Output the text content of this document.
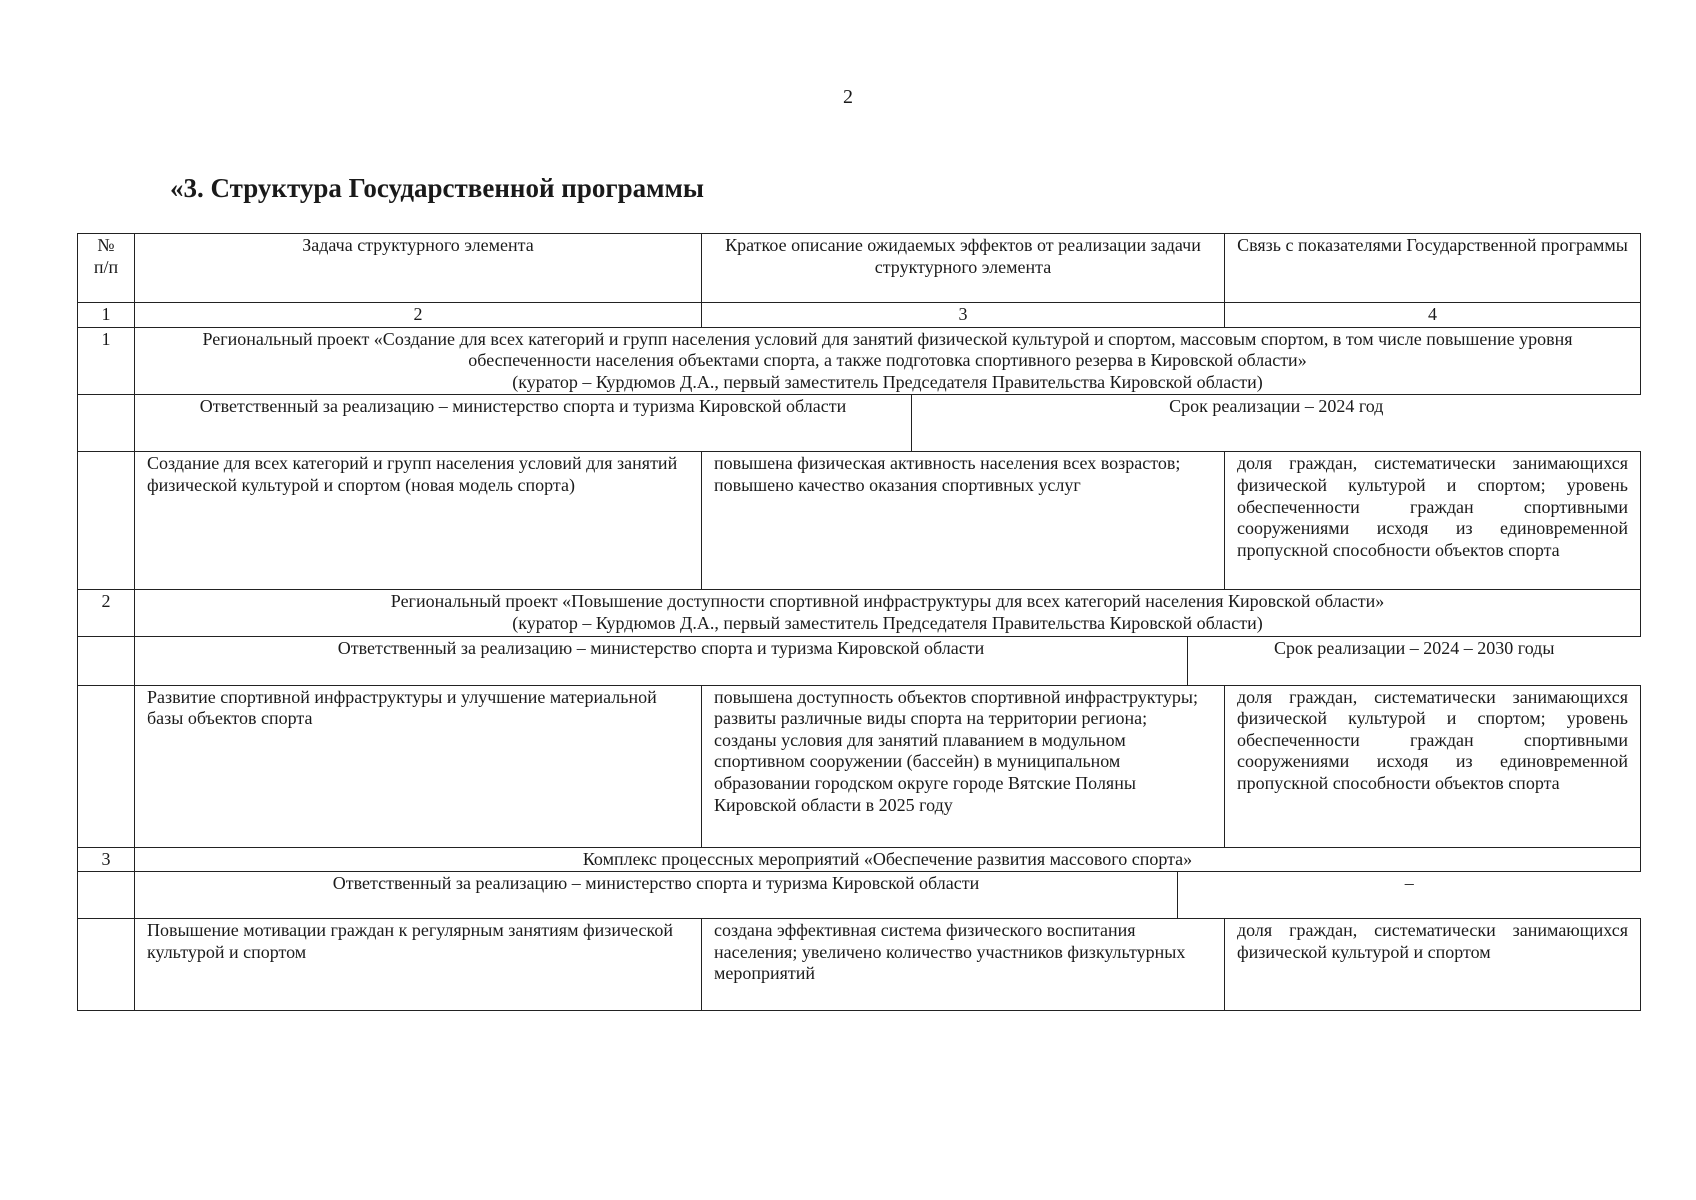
2
«3. Структура Государственной программы
№ п/п	Задача структурного элемента	Краткое описание ожидаемых эффектов от реализации задачи структурного элемента	Связь с показателями Государственной программы
1	2	3	4
1	Региональный проект «Создание для всех категорий и групп населения условий для занятий физической культурой и спортом, массовым спортом, в том числе повышение уровня обеспеченности населения объектами спорта, а также подготовка спортивного резерва в Кировской области»
(куратор – Курдюмов Д.А., первый заместитель Председателя Правительства Кировской области)

Ответственный за реализацию – министерство спорта и туризма Кировской области	Срок реализации – 2024 год

	Создание для всех категорий и групп населения условий для занятий физической культурой и спортом (новая модель спорта)	повышена физическая активность населения всех возрастов; повышено качество оказания спортивных услуг	доля граждан, систематически занимающихся физической культурой и спортом; уровень обеспеченности граждан спортивными сооружениями исходя из единовременной пропускной способности объектов спорта
2	Региональный проект «Повышение доступности спортивной инфраструктуры для всех категорий населения Кировской области»
(куратор – Курдюмов Д.А., первый заместитель Председателя Правительства Кировской области)

Ответственный за реализацию – министерство спорта и туризма Кировской области	Срок реализации – 2024 – 2030 годы

	Развитие спортивной инфраструктуры и улучшение материальной базы объектов спорта	повышена доступность объектов спортивной инфраструктуры; развиты различные виды спорта на территории региона; созданы условия для занятий плаванием в модульном спортивном сооружении (бассейн) в муниципальном образовании городском округе городе Вятские Поляны Кировской области в 2025 году	доля граждан, систематически занимающихся физической культурой и спортом; уровень обеспеченности граждан спортивными сооружениями исходя из единовременной пропускной способности объектов спорта
3	Комплекс процессных мероприятий «Обеспечение развития массового спорта»

Ответственный за реализацию – министерство спорта и туризма Кировской области	–

	Повышение мотивации граждан к регулярным занятиям физической культурой и спортом	создана эффективная система физического воспитания населения; увеличено количество участников физкультурных мероприятий	доля граждан, систематически занимающихся физической культурой и спортом
